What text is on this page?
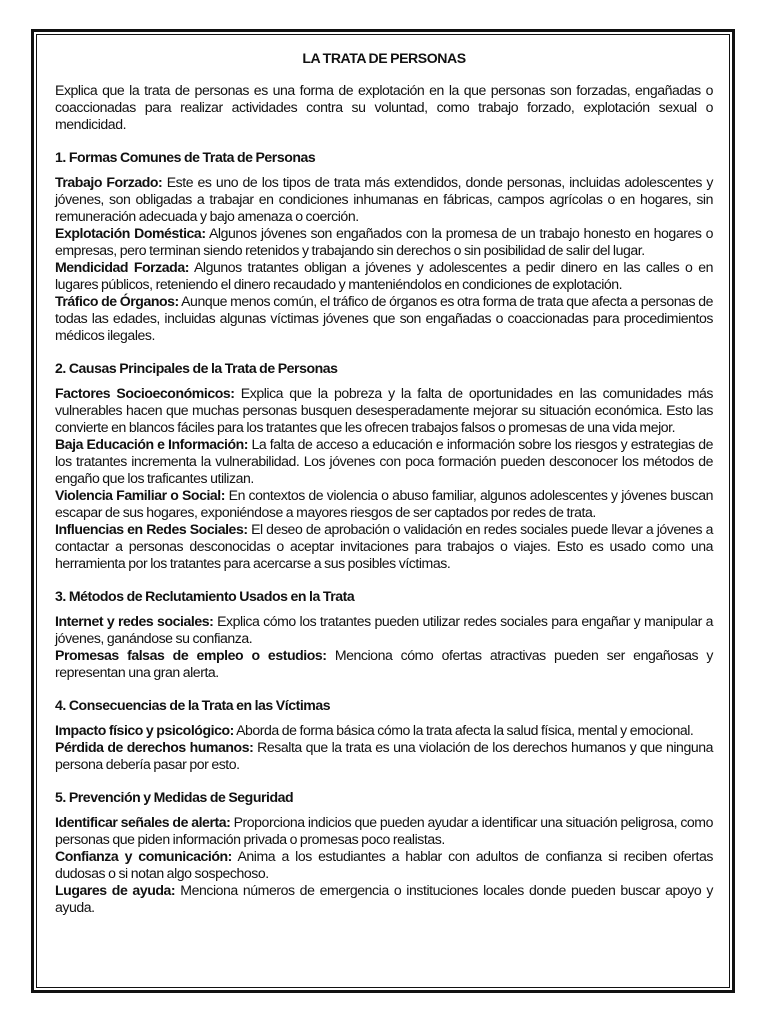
LA TRATA DE PERSONAS

Explica que la trata de personas es una forma de explotación en la que personas son forzadas, engañadas o coaccionadas para realizar actividades contra su voluntad, como trabajo forzado, explotación sexual o mendicidad.

1. Formas Comunes de Trata de Personas

Trabajo Forzado: Este es uno de los tipos de trata más extendidos, donde personas, incluidas adolescentes y jóvenes, son obligadas a trabajar en condiciones inhumanas en fábricas, campos agrícolas o en hogares, sin remuneración adecuada y bajo amenaza o coerción.

Explotación Doméstica: Algunos jóvenes son engañados con la promesa de un trabajo honesto en hogares o empresas, pero terminan siendo retenidos y trabajando sin derechos o sin posibilidad de salir del lugar.

Mendicidad Forzada: Algunos tratantes obligan a jóvenes y adolescentes a pedir dinero en las calles o en lugares públicos, reteniendo el dinero recaudado y manteniéndolos en condiciones de explotación.

Tráfico de Órganos: Aunque menos común, el tráfico de órganos es otra forma de trata que afecta a personas de todas las edades, incluidas algunas víctimas jóvenes que son engañadas o coaccionadas para procedimientos médicos ilegales.

2. Causas Principales de la Trata de Personas

Factores Socioeconómicos: Explica que la pobreza y la falta de oportunidades en las comunidades más vulnerables hacen que muchas personas busquen desesperadamente mejorar su situación económica. Esto las convierte en blancos fáciles para los tratantes que les ofrecen trabajos falsos o promesas de una vida mejor.

Baja Educación e Información: La falta de acceso a educación e información sobre los riesgos y estrategias de los tratantes incrementa la vulnerabilidad. Los jóvenes con poca formación pueden desconocer los métodos de engaño que los traficantes utilizan.

Violencia Familiar o Social: En contextos de violencia o abuso familiar, algunos adolescentes y jóvenes buscan escapar de sus hogares, exponiéndose a mayores riesgos de ser captados por redes de trata.

Influencias en Redes Sociales: El deseo de aprobación o validación en redes sociales puede llevar a jóvenes a contactar a personas desconocidas o aceptar invitaciones para trabajos o viajes. Esto es usado como una herramienta por los tratantes para acercarse a sus posibles víctimas.

3. Métodos de Reclutamiento Usados en la Trata

Internet y redes sociales: Explica cómo los tratantes pueden utilizar redes sociales para engañar y manipular a jóvenes, ganándose su confianza.

Promesas falsas de empleo o estudios: Menciona cómo ofertas atractivas pueden ser engañosas y representan una gran alerta.

4. Consecuencias de la Trata en las Víctimas

Impacto físico y psicológico: Aborda de forma básica cómo la trata afecta la salud física, mental y emocional.

Pérdida de derechos humanos: Resalta que la trata es una violación de los derechos humanos y que ninguna persona debería pasar por esto.

5. Prevención y Medidas de Seguridad

Identificar señales de alerta: Proporciona indicios que pueden ayudar a identificar una situación peligrosa, como personas que piden información privada o promesas poco realistas.

Confianza y comunicación: Anima a los estudiantes a hablar con adultos de confianza si reciben ofertas dudosas o si notan algo sospechoso.

Lugares de ayuda: Menciona números de emergencia o instituciones locales donde pueden buscar apoyo y ayuda.
